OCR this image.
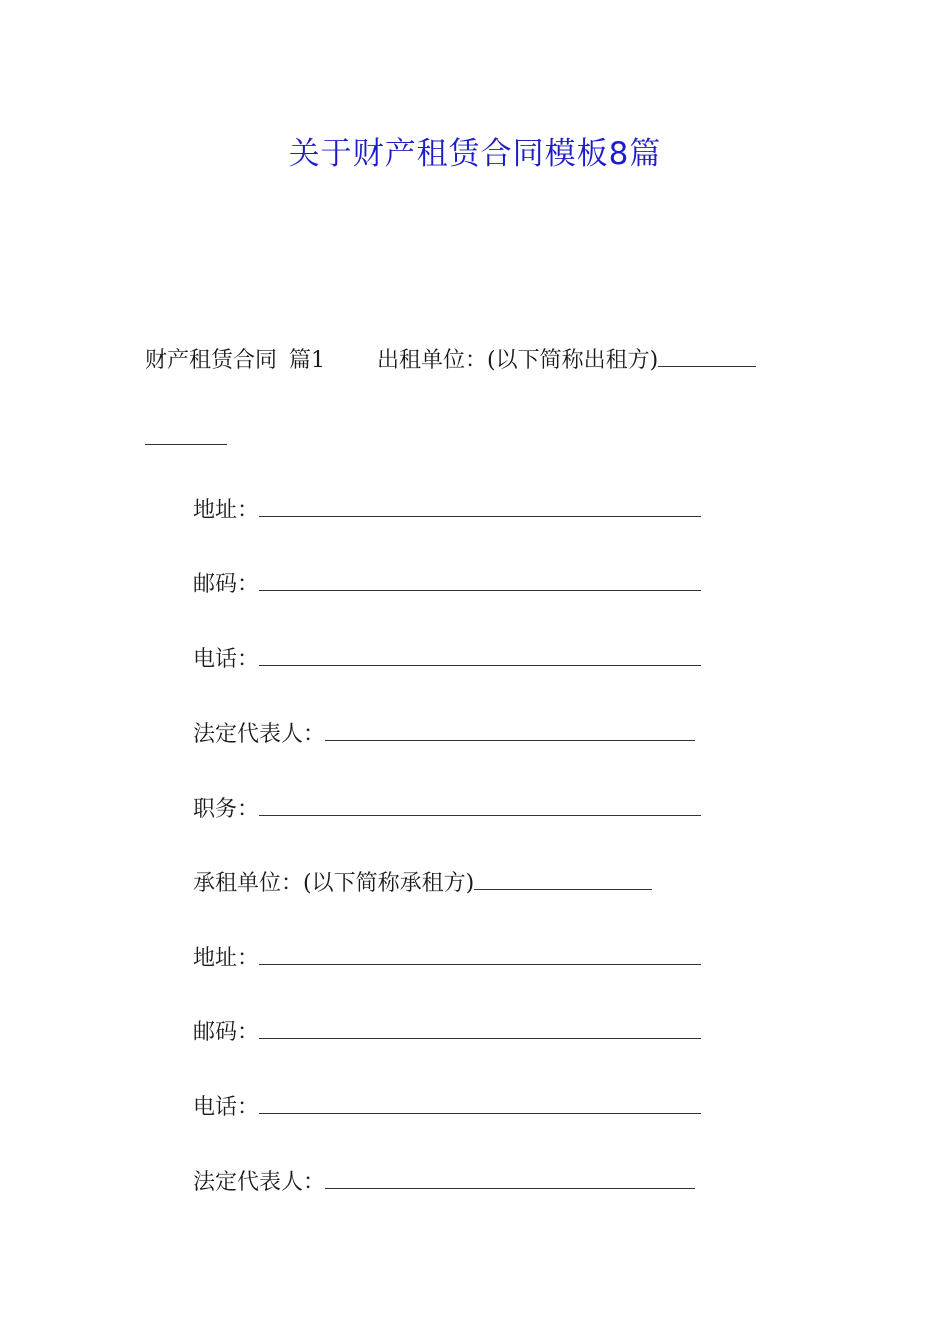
关于财产租赁合同模板8篇
财产租赁合同 篇1 出租单位：(以下简称出租方)
地址：
邮码：
电话：
法定代表人：
职务：
承租单位：(以下简称承租方)
地址：
邮码：
电话：
法定代表人：
